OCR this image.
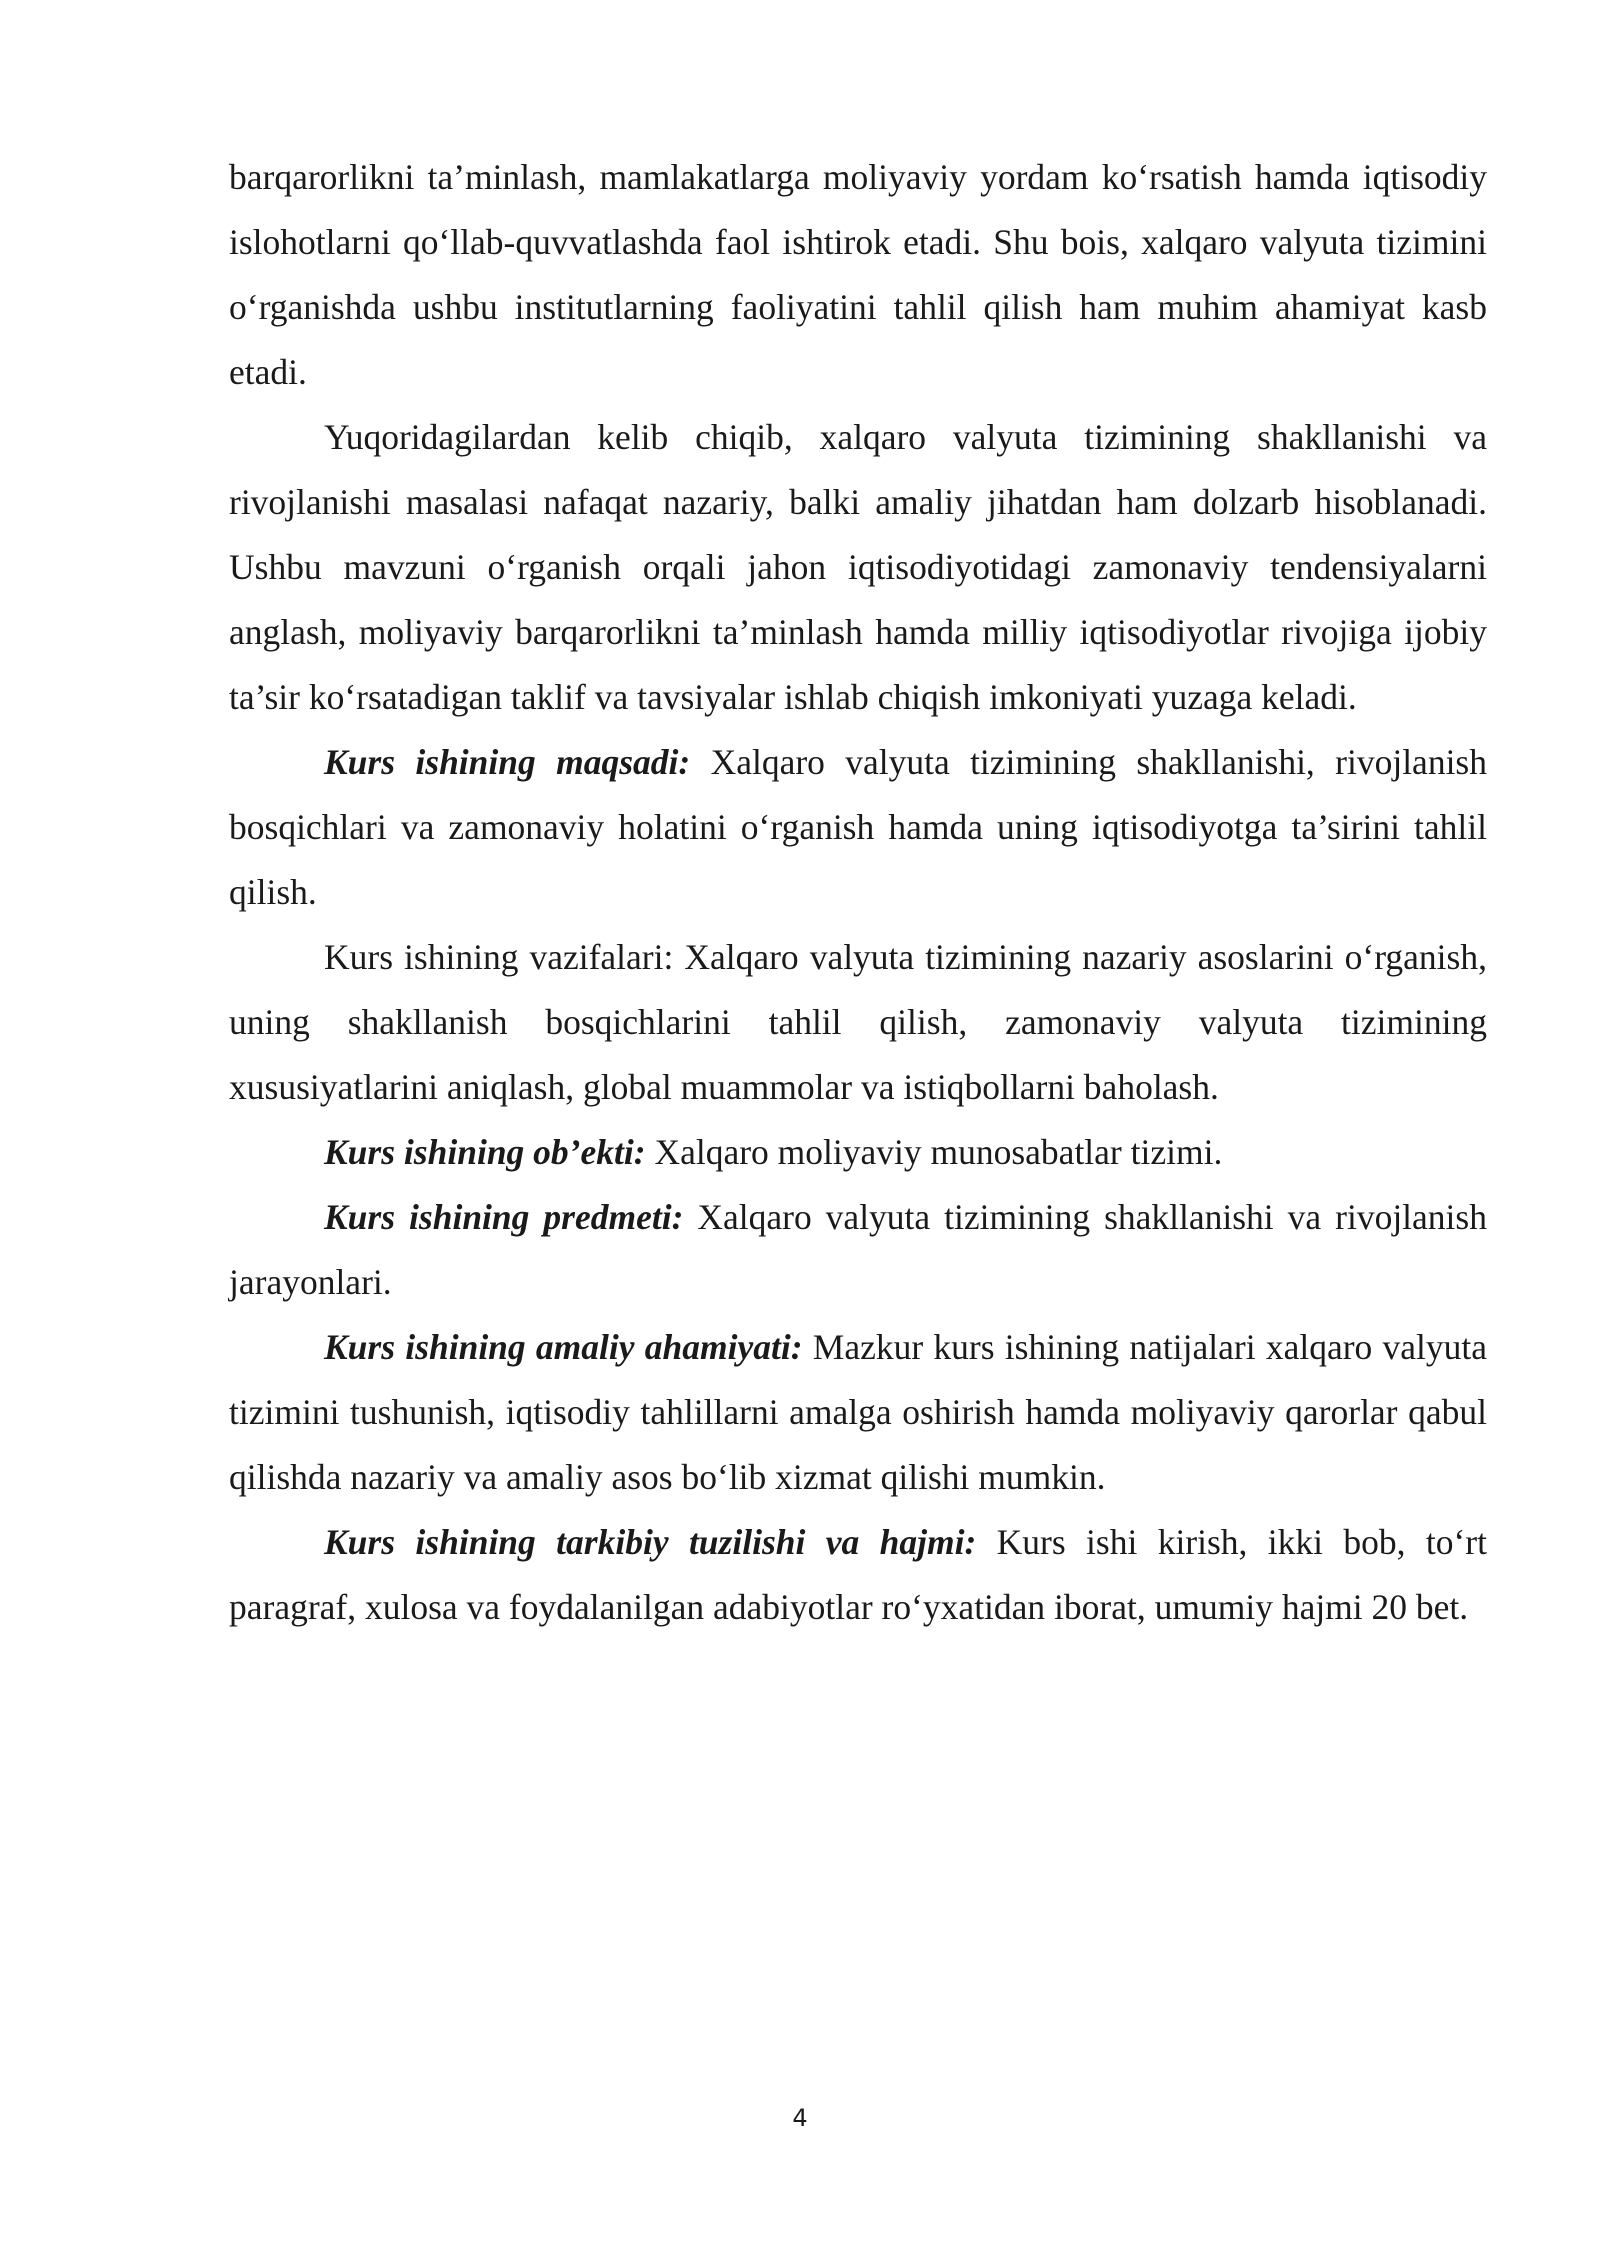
barqarorlikni ta’minlash, mamlakatlarga moliyaviy yordam ko‘rsatish hamda iqtisodiy islohotlarni qo‘llab-quvvatlashda faol ishtirok etadi. Shu bois, xalqaro valyuta tizimini o‘rganishda ushbu institutlarning faoliyatini tahlil qilish ham muhim ahamiyat kasb etadi.

Yuqoridagilardan kelib chiqib, xalqaro valyuta tizimining shakllanishi va rivojlanishi masalasi nafaqat nazariy, balki amaliy jihatdan ham dolzarb hisoblanadi. Ushbu mavzuni o‘rganish orqali jahon iqtisodiyotidagi zamonaviy tendensiyalarni anglash, moliyaviy barqarorlikni ta’minlash hamda milliy iqtisodiyotlar rivojiga ijobiy ta’sir ko‘rsatadigan taklif va tavsiyalar ishlab chiqish imkoniyati yuzaga keladi.

Kurs ishining maqsadi: Xalqaro valyuta tizimining shakllanishi, rivojlanish bosqichlari va zamonaviy holatini o‘rganish hamda uning iqtisodiyotga ta’sirini tahlil qilish.

Kurs ishining vazifalari: Xalqaro valyuta tizimining nazariy asoslarini o‘rganish, uning shakllanish bosqichlarini tahlil qilish, zamonaviy valyuta tizimining xususiyatlarini aniqlash, global muammolar va istiqbollarni baholash.

Kurs ishining ob’ekti: Xalqaro moliyaviy munosabatlar tizimi.

Kurs ishining predmeti: Xalqaro valyuta tizimining shakllanishi va rivojlanish jarayonlari.

Kurs ishining amaliy ahamiyati: Mazkur kurs ishining natijalari xalqaro valyuta tizimini tushunish, iqtisodiy tahlillarni amalga oshirish hamda moliyaviy qarorlar qabul qilishda nazariy va amaliy asos bo‘lib xizmat qilishi mumkin.

Kurs ishining tarkibiy tuzilishi va hajmi: Kurs ishi kirish, ikki bob, to‘rt paragraf, xulosa va foydalanilgan adabiyotlar ro‘yxatidan iborat, umumiy hajmi 20 bet.

4
